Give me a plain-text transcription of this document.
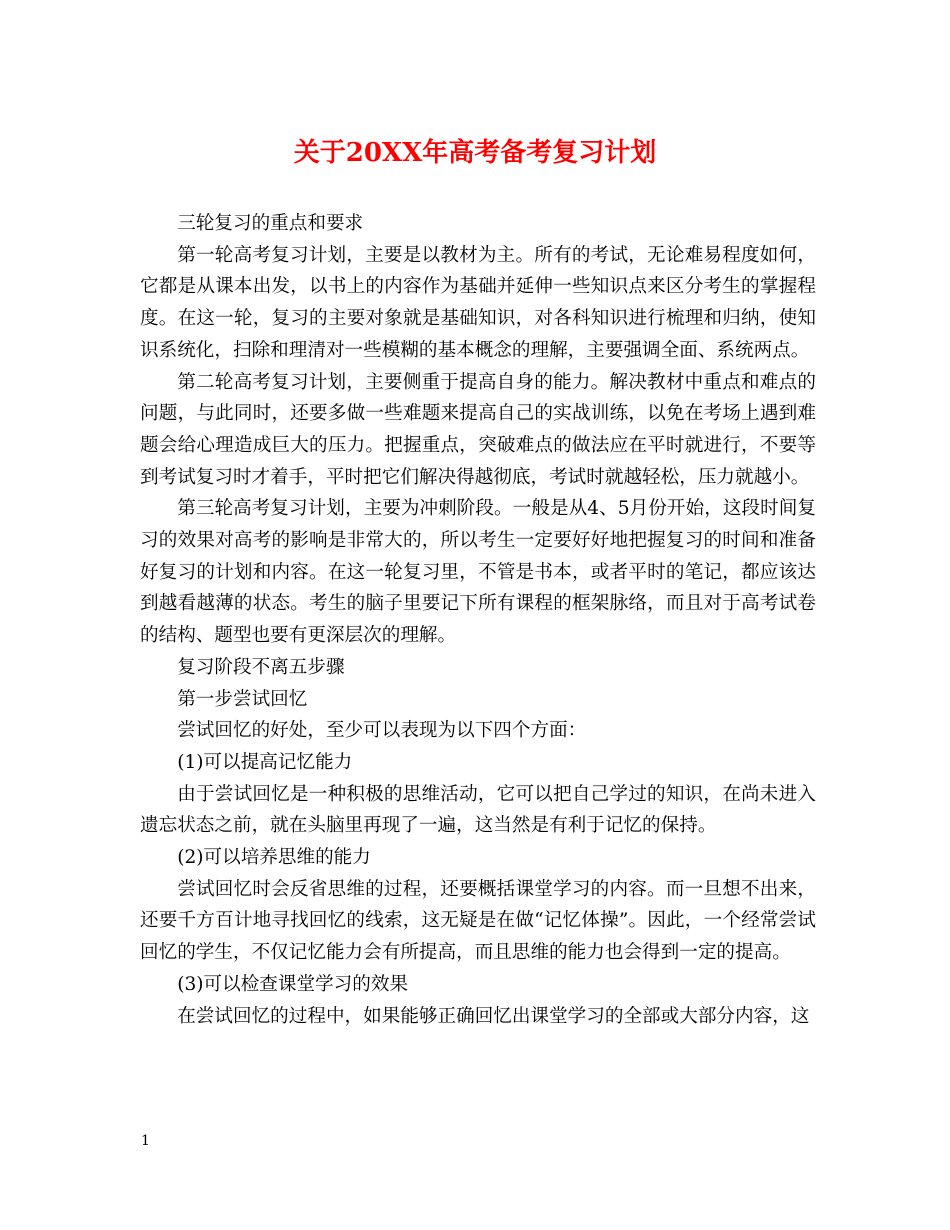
关于20XX年高考备考复习计划

三轮复习的重点和要求

第一轮高考复习计划，主要是以教材为主。所有的考试，无论难易程度如何，它都是从课本出发，以书上的内容作为基础并延伸一些知识点来区分考生的掌握程度。在这一轮，复习的主要对象就是基础知识，对各科知识进行梳理和归纳，使知识系统化，扫除和理清对一些模糊的基本概念的理解，主要强调全面、系统两点。

第二轮高考复习计划，主要侧重于提高自身的能力。解决教材中重点和难点的问题，与此同时，还要多做一些难题来提高自己的实战训练，以免在考场上遇到难题会给心理造成巨大的压力。把握重点，突破难点的做法应在平时就进行，不要等到考试复习时才着手，平时把它们解决得越彻底，考试时就越轻松，压力就越小。

第三轮高考复习计划，主要为冲刺阶段。一般是从4、5月份开始，这段时间复习的效果对高考的影响是非常大的，所以考生一定要好好地把握复习的时间和准备好复习的计划和内容。在这一轮复习里，不管是书本，或者平时的笔记，都应该达到越看越薄的状态。考生的脑子里要记下所有课程的框架脉络，而且对于高考试卷的结构、题型也要有更深层次的理解。

复习阶段不离五步骤

第一步尝试回忆

尝试回忆的好处，至少可以表现为以下四个方面：

(1)可以提高记忆能力

由于尝试回忆是一种积极的思维活动，它可以把自己学过的知识，在尚未进入遗忘状态之前，就在头脑里再现了一遍，这当然是有利于记忆的保持。

(2)可以培养思维的能力

尝试回忆时会反省思维的过程，还要概括课堂学习的内容。而一旦想不出来，还要千方百计地寻找回忆的线索，这无疑是在做“记忆体操”。因此，一个经常尝试回忆的学生，不仅记忆能力会有所提高，而且思维的能力也会得到一定的提高。

(3)可以检查课堂学习的效果

在尝试回忆的过程中，如果能够正确回忆出课堂学习的全部或大部分内容，这

1
